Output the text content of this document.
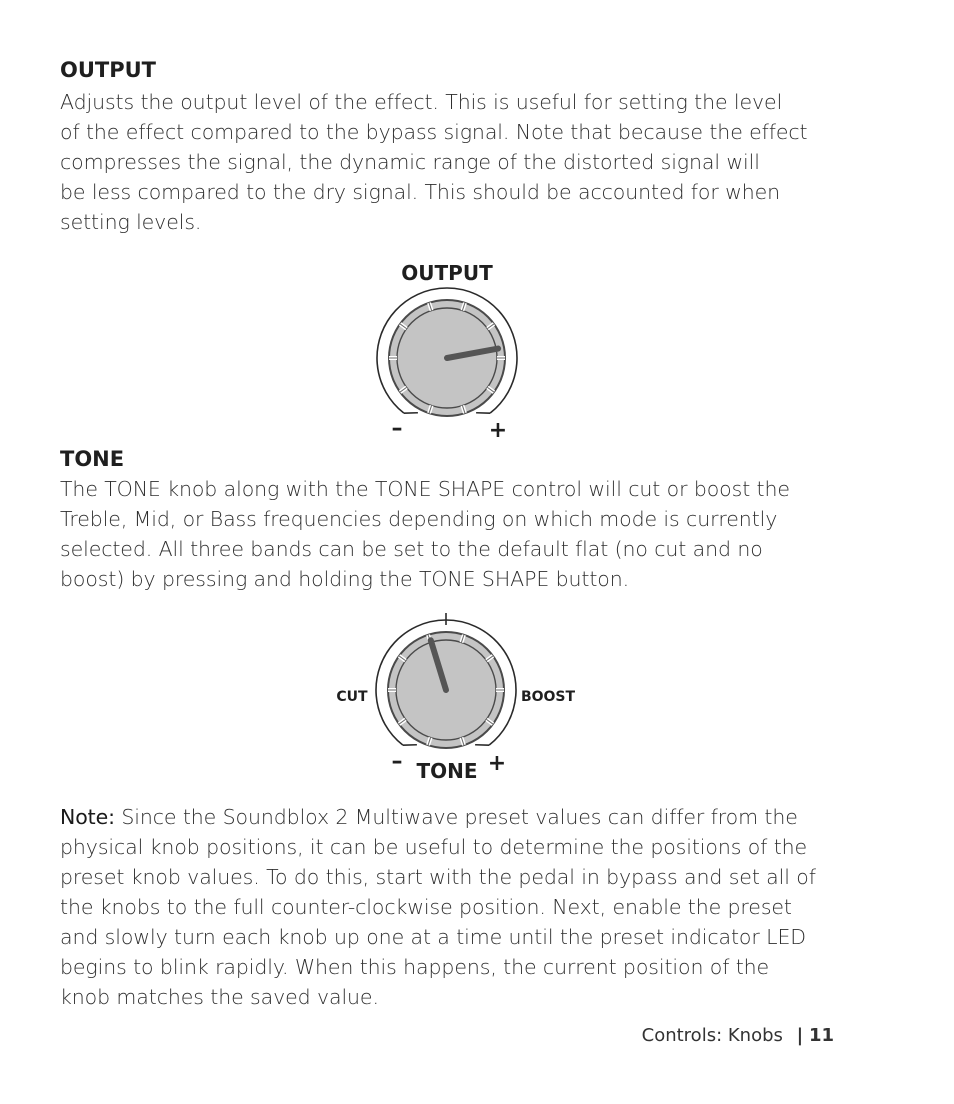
OUTPUT
Adjusts the output level of the effect. This is useful for setting the level
of the effect compared to the bypass signal. Note that because the effect
compresses the signal, the dynamic range of the distorted signal will
be less compared to the dry signal. This should be accounted for when
setting levels.
TONE
The TONE knob along with the TONE SHAPE control will cut or boost the
Treble, Mid, or Bass frequencies depending on which mode is currently
selected. All three bands can be set to the default flat (no cut and no
boost) by pressing and holding the TONE SHAPE button.
Note: Since the Soundblox 2 Multiwave preset values can differ from the
physical knob positions, it can be useful to determine the positions of the
preset knob values. To do this, start with the pedal in bypass and set all of
the knobs to the full counter-clockwise position. Next, enable the preset
and slowly turn each knob up one at a time until the preset indicator LED
begins to blink rapidly. When this happens, the current position of the
knob matches the saved value.
OUTPUT
–	+
CUT	BOOST
– TONE +
Controls: Knobs | 11
